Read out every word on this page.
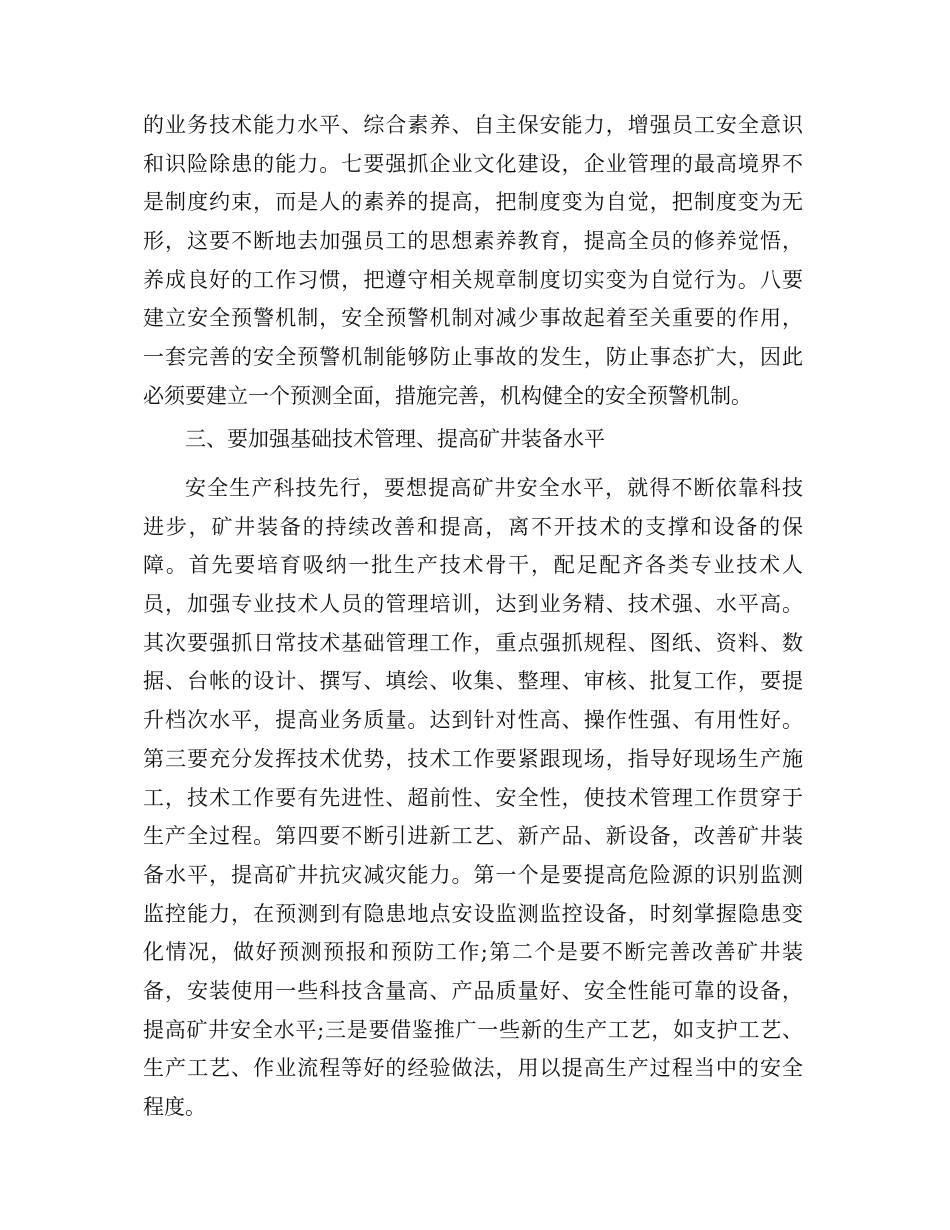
的业务技术能力水平、综合素养、自主保安能力，增强员工安全意识
和识险除患的能力。七要强抓企业文化建设，企业管理的最高境界不
是制度约束，而是人的素养的提高，把制度变为自觉，把制度变为无
形，这要不断地去加强员工的思想素养教育，提高全员的修养觉悟，
养成良好的工作习惯，把遵守相关规章制度切实变为自觉行为。八要
建立安全预警机制，安全预警机制对减少事故起着至关重要的作用，
一套完善的安全预警机制能够防止事故的发生，防止事态扩大，因此
必须要建立一个预测全面，措施完善，机构健全的安全预警机制。
三、要加强基础技术管理、提高矿井装备水平
安全生产科技先行，要想提高矿井安全水平，就得不断依靠科技
进步，矿井装备的持续改善和提高，离不开技术的支撑和设备的保
障。首先要培育吸纳一批生产技术骨干，配足配齐各类专业技术人
员，加强专业技术人员的管理培训，达到业务精、技术强、水平高。
其次要强抓日常技术基础管理工作，重点强抓规程、图纸、资料、数
据、台帐的设计、撰写、填绘、收集、整理、审核、批复工作，要提
升档次水平，提高业务质量。达到针对性高、操作性强、有用性好。
第三要充分发挥技术优势，技术工作要紧跟现场，指导好现场生产施
工，技术工作要有先进性、超前性、安全性，使技术管理工作贯穿于
生产全过程。第四要不断引进新工艺、新产品、新设备，改善矿井装
备水平，提高矿井抗灾减灾能力。第一个是要提高危险源的识别监测
监控能力，在预测到有隐患地点安设监测监控设备，时刻掌握隐患变
化情况，做好预测预报和预防工作;第二个是要不断完善改善矿井装
备，安装使用一些科技含量高、产品质量好、安全性能可靠的设备，
提高矿井安全水平;三是要借鉴推广一些新的生产工艺，如支护工艺、
生产工艺、作业流程等好的经验做法，用以提高生产过程当中的安全
程度。
